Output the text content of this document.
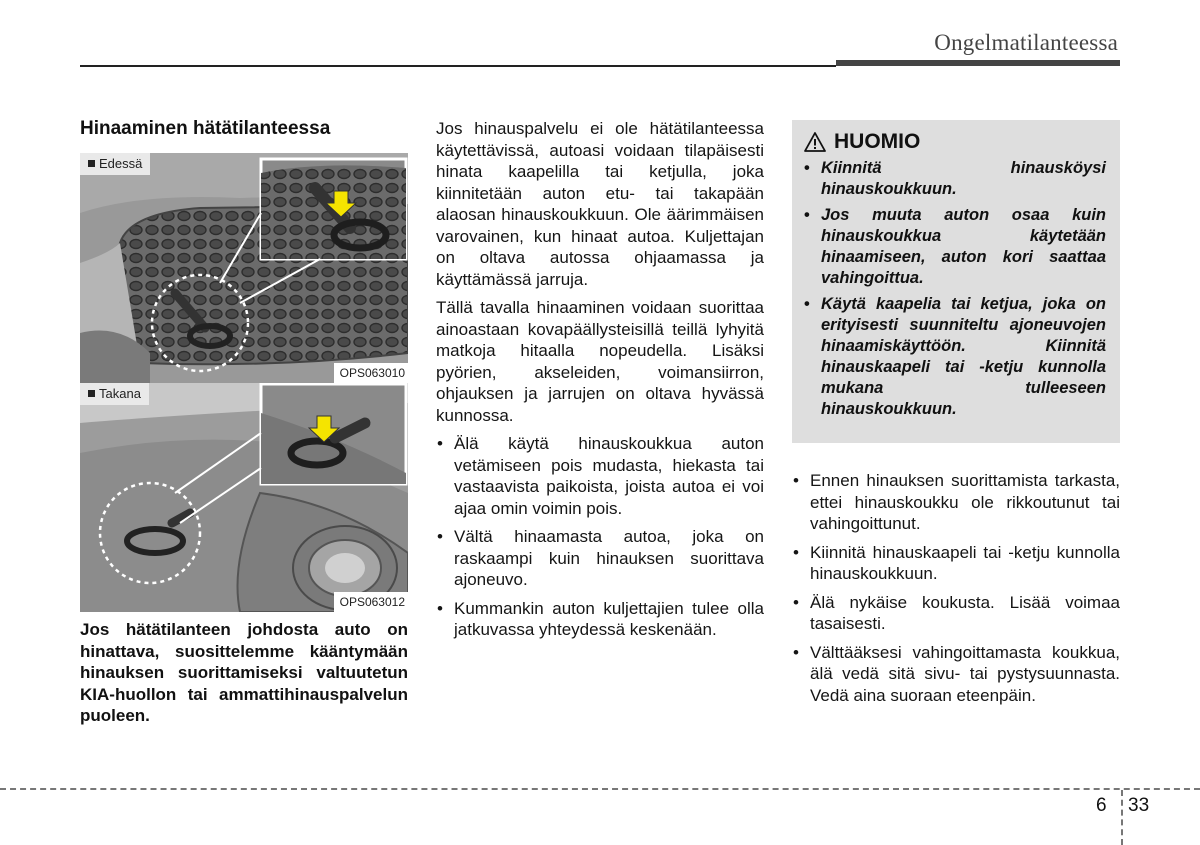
Ongelmatilanteessa
Hinaaminen hätätilanteessa
Edessä
OPS063010
Takana
OPS063012
Jos hätätilanteen johdosta auto on hinattava, suosittelemme kääntymään hinauksen suorittamiseksi valtuutetun KIA-huollon tai ammattihinauspalvelun puoleen.

Jos hinauspalvelu ei ole hätätilanteessa käytettävissä, autoasi voidaan tilapäisesti hinata kaapelilla tai ketjulla, joka kiinnitetään auton etu- tai takapään alaosan hinauskoukkuun. Ole äärimmäisen varovainen, kun hinaat autoa. Kuljettajan on oltava autossa ohjaamassa ja käyttämässä jarruja.

Tällä tavalla hinaaminen voidaan suorittaa ainoastaan kovapäällysteisillä teillä lyhyitä matkoja hitaalla nopeudella. Lisäksi pyörien, akseleiden, voimansiirron, ohjauksen ja jarrujen on oltava hyvässä kunnossa.

• Älä käytä hinauskoukkua auton vetämiseen pois mudasta, hiekasta tai vastaavista paikoista, joista autoa ei voi ajaa omin voimin pois.
• Vältä hinaamasta autoa, joka on raskaampi kuin hinauksen suorittava ajoneuvo.
• Kummankin auton kuljettajien tulee olla jatkuvassa yhteydessä keskenään.
HUOMIO
• Kiinnitä hinausköysi hinauskoukkuun.
• Jos muuta auton osaa kuin hinauskoukkua käytetään hinaamiseen, auton kori saattaa vahingoittua.
• Käytä kaapelia tai ketjua, joka on erityisesti suunniteltu ajoneuvojen hinaamiskäyttöön. Kiinnitä hinauskaapeli tai -ketju kunnolla mukana tulleeseen hinauskoukkuun.
• Ennen hinauksen suorittamista tarkasta, ettei hinauskoukku ole rikkoutunut tai vahingoittunut.
• Kiinnitä hinauskaapeli tai -ketju kunnolla hinauskoukkuun.
• Älä nykäise koukusta. Lisää voimaa tasaisesti.
• Välttääksesi vahingoittamasta koukkua, älä vedä sitä sivu- tai pystysuunnasta. Vedä aina suoraan eteenpäin.
6 33
